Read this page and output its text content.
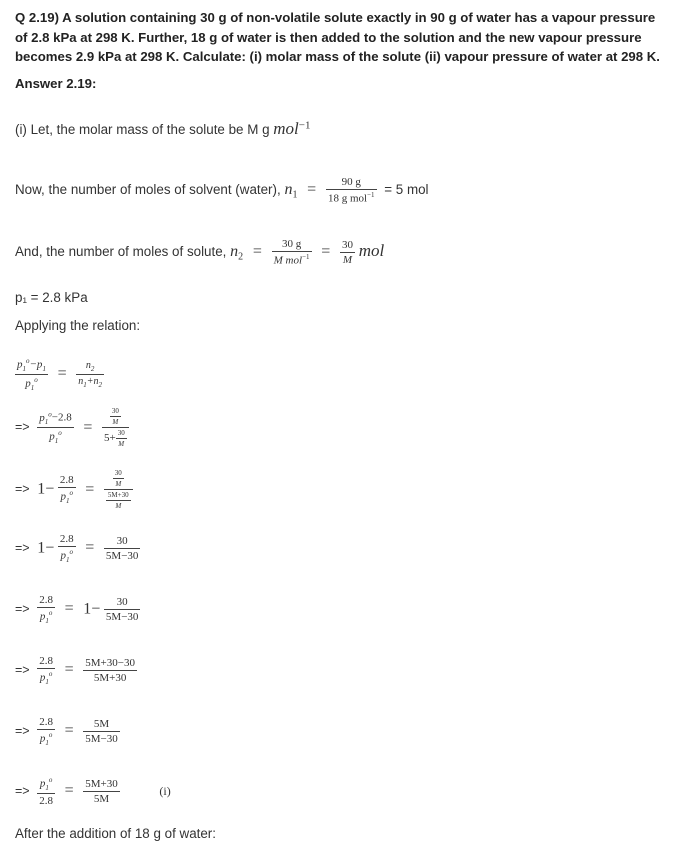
Q 2.19) A solution containing 30 g of non-volatile solute exactly in 90 g of water has a vapour pressure of 2.8 kPa at 298 K. Further, 18 g of water is then added to the solution and the new vapour pressure becomes 2.9 kPa at 298 K. Calculate: (i) molar mass of the solute (ii) vapour pressure of water at 298 K.
Answer 2.19:
(i) Let, the molar mass of the solute be M g mol$^{-1}$
Now, the number of moles of solvent (water), $n_1 = \frac{90 g}{18 g mol^{-1}} = 5$ mol
And, the number of moles of solute, $n_2 = \frac{30 g}{M mol^{-1}} = \frac{30}{M}$ mol
p₁ = 2.8 kPa
Applying the relation:
$\frac{p_1^o-p_1}{p_1^o} = \frac{n_2}{n_1+n_2}$
=> $\frac{p_1^o-2.8}{p_1^o} = \frac{\frac{30}{M}}{5+ \frac{30}{M}}$
=> $1- \frac{2.8}{p_1^o} = \frac{\frac{30}{M}}{\frac{5M+30}{M}}$
=> $1- \frac{2.8}{p_1^o} = \frac{30}{5M-30}$
=> $\frac{2.8}{p_1^o} = 1- \frac{30}{5M-30}$
=> $\frac{2.8}{p_1^o} = \frac{5M+30-30}{5M+30}$
=> $\frac{2.8}{p_1^o} = \frac{5M}{5M-30}$
=> $\frac{p_1^o}{2.8} = \frac{5M+30}{5M}$	(i)
After the addition of 18 g of water:
